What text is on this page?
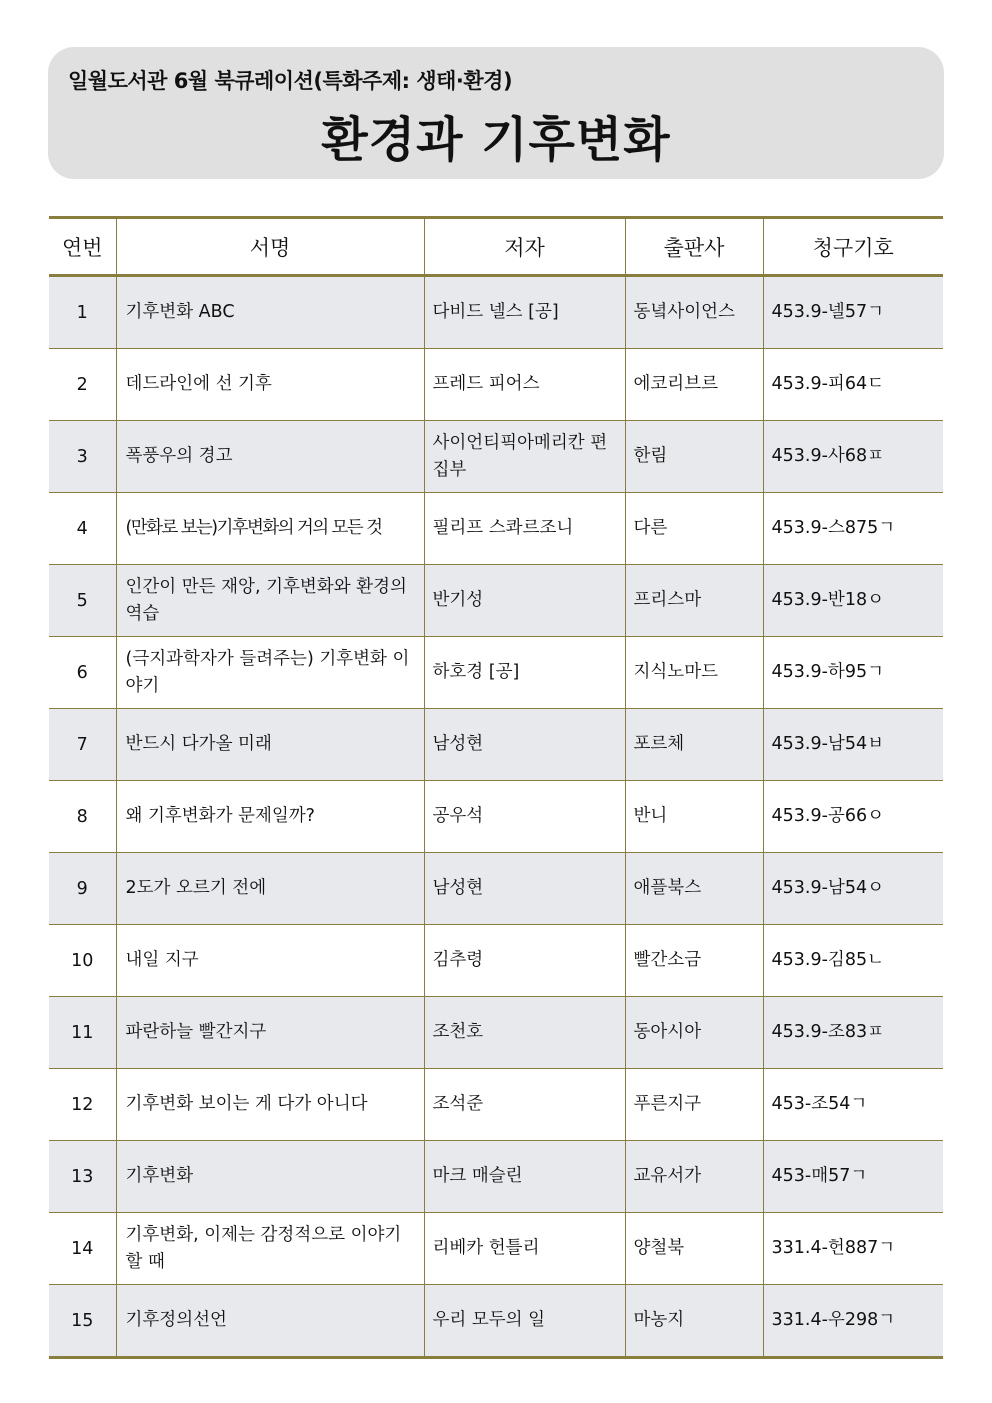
일월도서관 6월 북큐레이션(특화주제: 생태·환경)
환경과 기후변화
연번	서명	저자	출판사	청구기호
1	기후변화 ABC	다비드 넬스 [공]	동녘사이언스	453.9-넬57ㄱ
2	데드라인에 선 기후	프레드 피어스	에코리브르	453.9-피64ㄷ
3	폭풍우의 경고	사이언티픽아메리칸 편집부	한림	453.9-사68ㅍ
4	(만화로 보는)기후변화의 거의 모든 것	필리프 스콰르조니	다른	453.9-스875ㄱ
5	인간이 만든 재앙, 기후변화와 환경의 역습	반기성	프리스마	453.9-반18ㅇ
6	(극지과학자가 들려주는) 기후변화 이야기	하호경 [공]	지식노마드	453.9-하95ㄱ
7	반드시 다가올 미래	남성현	포르체	453.9-남54ㅂ
8	왜 기후변화가 문제일까?	공우석	반니	453.9-공66ㅇ
9	2도가 오르기 전에	남성현	애플북스	453.9-남54ㅇ
10	내일 지구	김추령	빨간소금	453.9-김85ㄴ
11	파란하늘 빨간지구	조천호	동아시아	453.9-조83ㅍ
12	기후변화 보이는 게 다가 아니다	조석준	푸른지구	453-조54ㄱ
13	기후변화	마크 매슬린	교유서가	453-매57ㄱ
14	기후변화, 이제는 감정적으로 이야기 할 때	리베카 헌틀리	양철북	331.4-헌887ㄱ
15	기후정의선언	우리 모두의 일	마농지	331.4-우298ㄱ
